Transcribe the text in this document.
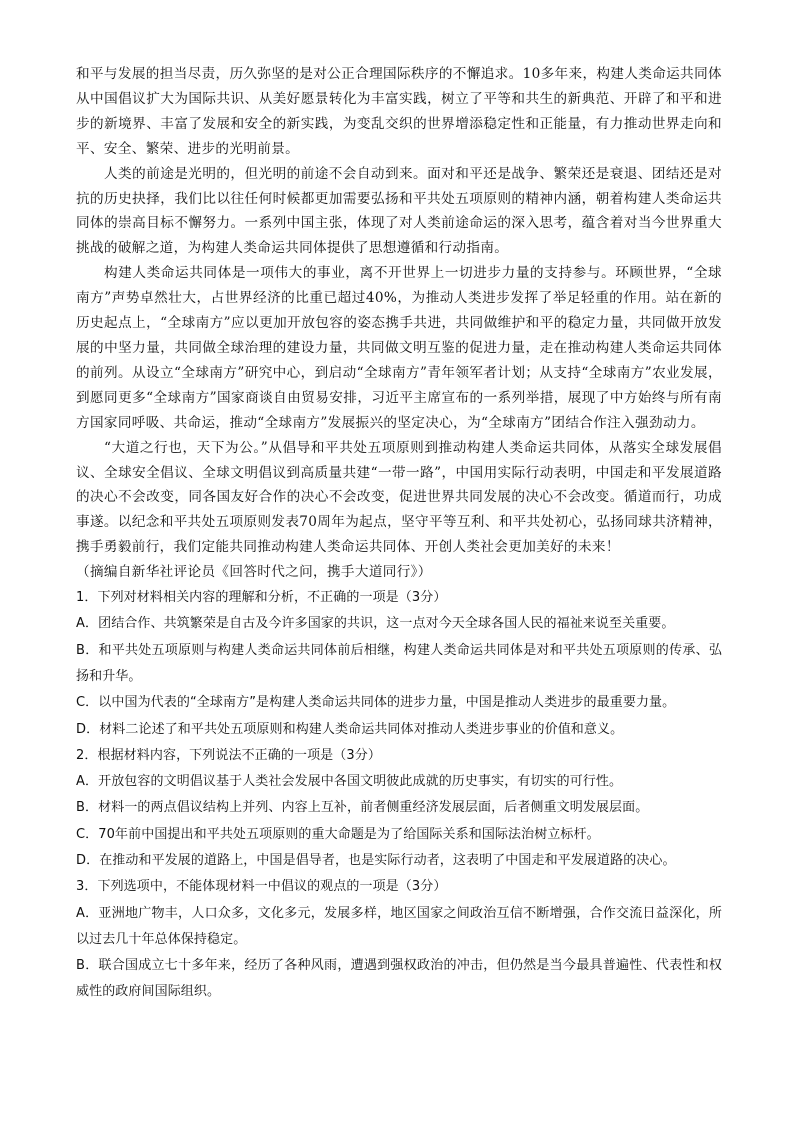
和平与发展的担当尽责，历久弥坚的是对公正合理国际秩序的不懈追求。10多年来，构建人类命运共同体从中国倡议扩大为国际共识、从美好愿景转化为丰富实践，树立了平等和共生的新典范、开辟了和平和进步的新境界、丰富了发展和安全的新实践，为变乱交织的世界增添稳定性和正能量，有力推动世界走向和平、安全、繁荣、进步的光明前景。

人类的前途是光明的，但光明的前途不会自动到来。面对和平还是战争、繁荣还是衰退、团结还是对抗的历史抉择，我们比以往任何时候都更加需要弘扬和平共处五项原则的精神内涵，朝着构建人类命运共同体的崇高目标不懈努力。一系列中国主张，体现了对人类前途命运的深入思考，蕴含着对当今世界重大挑战的破解之道，为构建人类命运共同体提供了思想遵循和行动指南。

构建人类命运共同体是一项伟大的事业，离不开世界上一切进步力量的支持参与。环顾世界，“全球南方”声势卓然壮大，占世界经济的比重已超过40%，为推动人类进步发挥了举足轻重的作用。站在新的历史起点上，“全球南方”应以更加开放包容的姿态携手共进，共同做维护和平的稳定力量，共同做开放发展的中坚力量，共同做全球治理的建设力量，共同做文明互鉴的促进力量，走在推动构建人类命运共同体的前列。从设立“全球南方”研究中心，到启动“全球南方”青年领军者计划；从支持“全球南方”农业发展，到愿同更多“全球南方”国家商谈自由贸易安排，习近平主席宣布的一系列举措，展现了中方始终与所有南方国家同呼吸、共命运，推动“全球南方”发展振兴的坚定决心，为“全球南方”团结合作注入强劲动力。

“大道之行也，天下为公。”从倡导和平共处五项原则到推动构建人类命运共同体，从落实全球发展倡议、全球安全倡议、全球文明倡议到高质量共建“一带一路”，中国用实际行动表明，中国走和平发展道路的决心不会改变，同各国友好合作的决心不会改变，促进世界共同发展的决心不会改变。循道而行，功成事遂。以纪念和平共处五项原则发表70周年为起点，坚守平等互利、和平共处初心，弘扬同球共济精神，携手勇毅前行，我们定能共同推动构建人类命运共同体、开创人类社会更加美好的未来！

（摘编自新华社评论员《回答时代之问，携手大道同行》）

1．下列对材料相关内容的理解和分析，不正确的一项是（3分）

A．团结合作、共筑繁荣是自古及今许多国家的共识，这一点对今天全球各国人民的福祉来说至关重要。

B．和平共处五项原则与构建人类命运共同体前后相继，构建人类命运共同体是对和平共处五项原则的传承、弘扬和升华。

C．以中国为代表的“全球南方”是构建人类命运共同体的进步力量，中国是推动人类进步的最重要力量。

D．材料二论述了和平共处五项原则和构建人类命运共同体对推动人类进步事业的价值和意义。

2．根据材料内容，下列说法不正确的一项是（3分）

A．开放包容的文明倡议基于人类社会发展中各国文明彼此成就的历史事实，有切实的可行性。

B．材料一的两点倡议结构上并列、内容上互补，前者侧重经济发展层面，后者侧重文明发展层面。

C．70年前中国提出和平共处五项原则的重大命题是为了给国际关系和国际法治树立标杆。

D．在推动和平发展的道路上，中国是倡导者，也是实际行动者，这表明了中国走和平发展道路的决心。

3．下列选项中，不能体现材料一中倡议的观点的一项是（3分）

A．亚洲地广物丰，人口众多，文化多元，发展多样，地区国家之间政治互信不断增强，合作交流日益深化，所以过去几十年总体保持稳定。

B．联合国成立七十多年来，经历了各种风雨，遭遇到强权政治的冲击，但仍然是当今最具普遍性、代表性和权威性的政府间国际组织。
